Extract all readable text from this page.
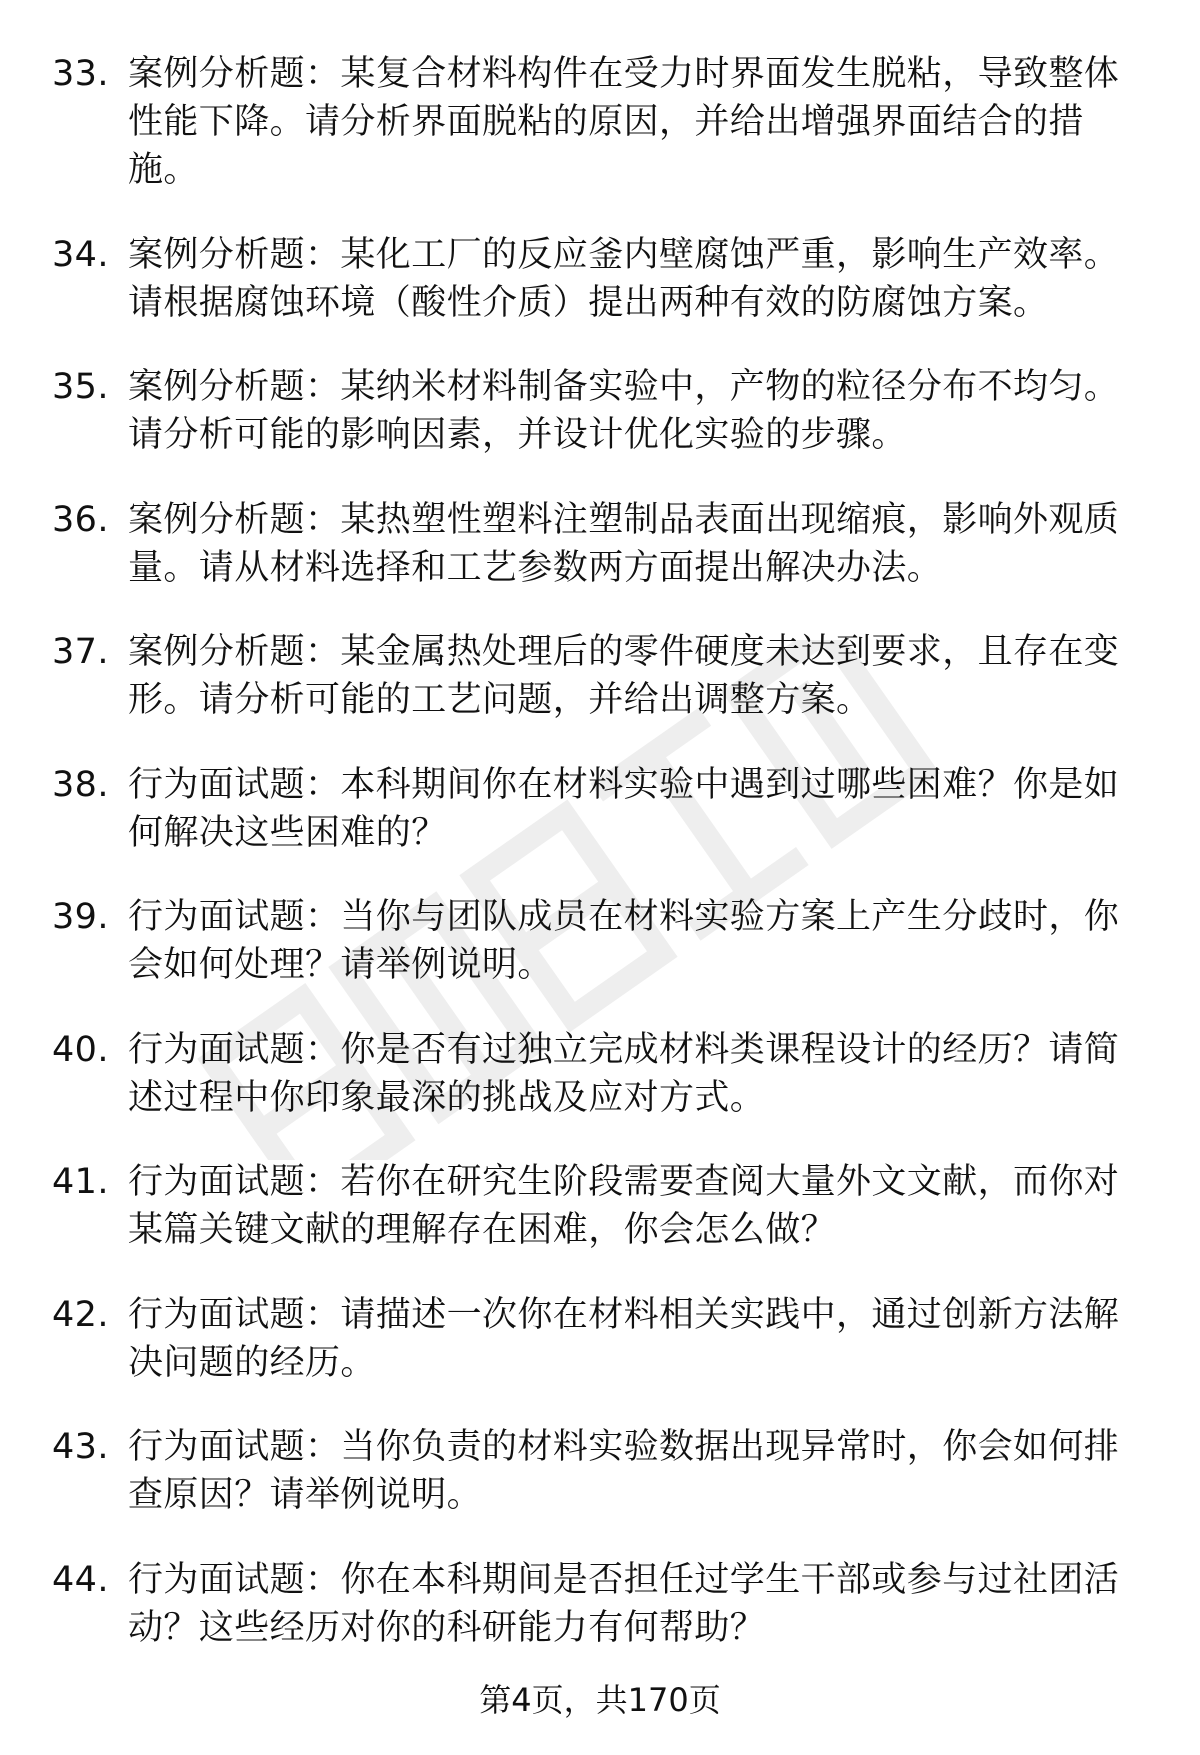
33. 案例分析题：某复合材料构件在受力时界面发生脱粘，导致整体性能下降。请分析界面脱粘的原因，并给出增强界面结合的措施。
34. 案例分析题：某化工厂的反应釜内壁腐蚀严重，影响生产效率。请根据腐蚀环境（酸性介质）提出两种有效的防腐蚀方案。
35. 案例分析题：某纳米材料制备实验中，产物的粒径分布不均匀。请分析可能的影响因素，并设计优化实验的步骤。
36. 案例分析题：某热塑性塑料注塑制品表面出现缩痕，影响外观质量。请从材料选择和工艺参数两方面提出解决办法。
37. 案例分析题：某金属热处理后的零件硬度未达到要求，且存在变形。请分析可能的工艺问题，并给出调整方案。
38. 行为面试题：本科期间你在材料实验中遇到过哪些困难？你是如何解决这些困难的？
39. 行为面试题：当你与团队成员在材料实验方案上产生分歧时，你会如何处理？请举例说明。
40. 行为面试题：你是否有过独立完成材料类课程设计的经历？请简述过程中你印象最深的挑战及应对方式。
41. 行为面试题：若你在研究生阶段需要查阅大量外文文献，而你对某篇关键文献的理解存在困难，你会怎么做？
42. 行为面试题：请描述一次你在材料相关实践中，通过创新方法解决问题的经历。
43. 行为面试题：当你负责的材料实验数据出现异常时，你会如何排查原因？请举例说明。
44. 行为面试题：你在本科期间是否担任过学生干部或参与过社团活动？这些经历对你的科研能力有何帮助？
第4页，共170页
